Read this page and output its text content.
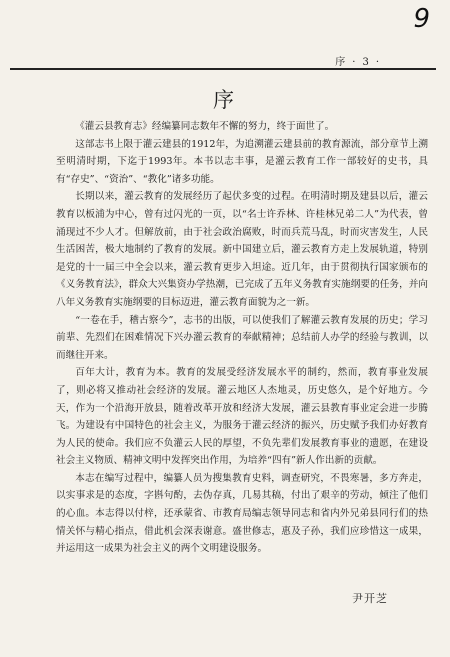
9
序 · 3 ·
序

《灌云县教育志》经编纂同志数年不懈的努力，终于面世了。

这部志书上限于灌云建县的1912年，为追溯灌云建县前的教育源流，部分章节上溯至明清时期，下迄于1993年。本书以志丰事，是灌云教育工作一部较好的史书，具有“存史”、“资治”、“教化”诸多功能。

长期以来，灌云教育的发展经历了起伏多变的过程。在明清时期及建县以后，灌云教育以板浦为中心，曾有过闪光的一页，以“名士许乔林、许桂林兄弟二人”为代表，曾涌现过不少人才。但解放前，由于社会政治腐败，时而兵荒马乱，时而灾害发生，人民生活困苦，极大地制约了教育的发展。新中国建立后，灌云教育方走上发展轨道，特别是党的十一届三中全会以来，灌云教育更步入坦途。近几年，由于贯彻执行国家颁布的《义务教育法》，群众大兴集资办学热潮，已完成了五年义务教育实施纲要的任务，并向八年义务教育实施纲要的目标迈进，灌云教育面貌为之一新。

“一卷在手，稽古察今”，志书的出版，可以使我们了解灌云教育发展的历史；学习前辈、先烈们在困难情况下兴办灌云教育的奉献精神；总结前人办学的经验与教训，以而继往开来。

百年大计，教育为本。教育的发展受经济发展水平的制约，然而，教育事业发展了，则必将又推动社会经济的发展。灌云地区人杰地灵，历史悠久，是个好地方。今天，作为一个沿海开放县，随着改革开放和经济大发展，灌云县教育事业定会进一步腾飞。为建设有中国特色的社会主义，为服务于灌云经济的振兴，历史赋予我们办好教育为人民的使命。我们应不负灌云人民的厚望，不负先辈们发展教育事业的遗愿，在建设社会主义物质、精神文明中发挥突出作用，为培养“四有”新人作出新的贡献。

本志在编写过程中，编纂人员为搜集教育史料，调查研究，不畏寒暑，多方奔走，以实事求是的态度，字斟句酌，去伪存真，几易其稿，付出了艰辛的劳动，倾注了他们的心血。本志得以付梓，还承蒙省、市教育局编志领导同志和省内外兄弟县同行们的热情关怀与精心指点，借此机会深表谢意。盛世修志，惠及子孙，我们应珍惜这一成果，并运用这一成果为社会主义的两个文明建设服务。

尹开芝
